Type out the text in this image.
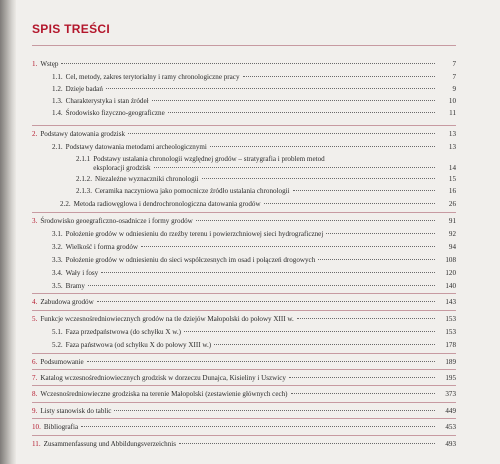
SPIS TREŚCI
1. Wstęp	7
1.1. Cel, metody, zakres terytorialny i ramy chronologiczne pracy	7
1.2. Dzieje badań	9
1.3. Charakterystyka i stan źródeł	10
1.4. Środowisko fizyczno-geograficzne	11
2. Podstawy datowania grodzisk	13
2.1. Podstawy datowania metodami archeologicznymi	13
2.1.1 Podstawy ustalania chronologii względnej grodów – stratygrafia i problem metod
eksploracji grodzisk	14
2.1.2. Niezależne wyznaczniki chronologii	15
2.1.3. Ceramika naczyniowa jako pomocnicze źródło ustalania chronologii	16
2.2. Metoda radiowęglowa i dendrochronologiczna datowania grodów	26
3. Środowisko geoegraficzno-osadnicze i formy grodów	91
3.1. Położenie grodów w odniesieniu do rzeźby terenu i powierzchniowej sieci hydrograficznej	92
3.2. Wielkość i forma grodów	94
3.3. Położenie grodów w odniesieniu do sieci współczesnych im osad i połączeń drogowych	108
3.4. Wały i fosy	120
3.5. Bramy	140
4. Zabudowa grodów	143
5. Funkcje wczesnośredniowiecznych grodów na tle dziejów Małopolski do połowy XIII w.	153
5.1. Faza przedpaństwowa (do schyłku X w.)	153
5.2. Faza państwowa (od schyłku X do połowy XIII w.)	178
6. Podsumowanie	189
7. Katalog wczesnośredniowiecznych grodzisk w dorzeczu Dunajca, Kisieliny i Uszwicy	195
8. Wczesnośredniowieczne grodziska na terenie Małopolski (zestawienie głównych cech)	373
9. Listy stanowisk do tablic	449
10. Bibliografia	453
11. Zusammenfassung und Abbildungsverzeichnis	493
